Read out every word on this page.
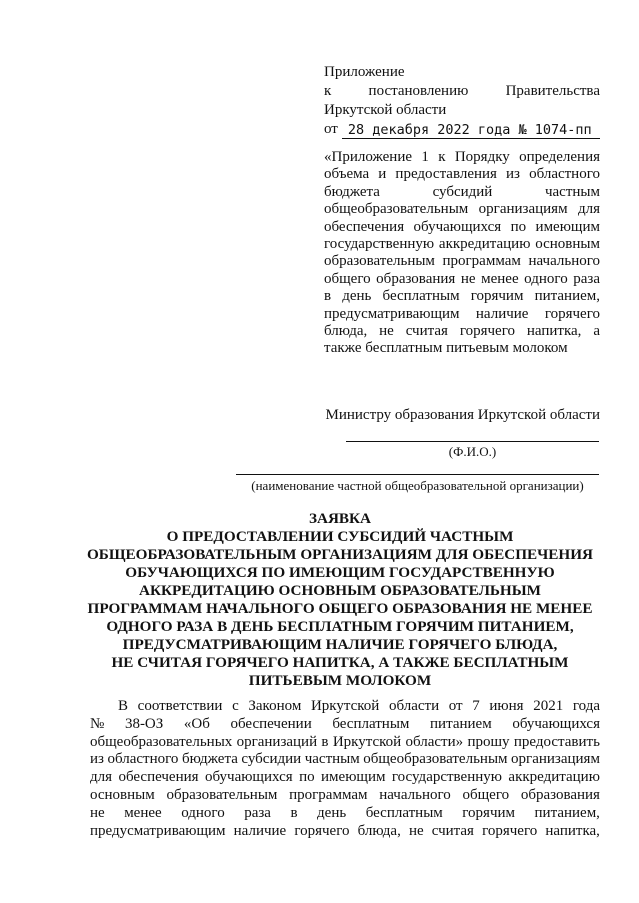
Приложение
к постановлению Правительства
Иркутской области
от 28 декабря 2022 года № 1074-пп
«Приложение 1 к Порядку определения объема и предоставления из областного бюджета субсидий частным общеобразовательным организациям для обеспечения обучающихся по имеющим государственную аккредитацию основным образовательным программам начального общего образования не менее одного раза в день бесплатным горячим питанием, предусматривающим наличие горячего блюда, не считая горячего напитка, а также бесплатным питьевым молоком
Министру образования Иркутской области
(Ф.И.О.)
(наименование частной общеобразовательной организации)
ЗАЯВКА
О ПРЕДОСТАВЛЕНИИ СУБСИДИЙ ЧАСТНЫМ
ОБЩЕОБРАЗОВАТЕЛЬНЫМ ОРГАНИЗАЦИЯМ ДЛЯ ОБЕСПЕЧЕНИЯ
ОБУЧАЮЩИХСЯ ПО ИМЕЮЩИМ ГОСУДАРСТВЕННУЮ
АККРЕДИТАЦИЮ ОСНОВНЫМ ОБРАЗОВАТЕЛЬНЫМ
ПРОГРАММАМ НАЧАЛЬНОГО ОБЩЕГО ОБРАЗОВАНИЯ НЕ МЕНЕЕ
ОДНОГО РАЗА В ДЕНЬ БЕСПЛАТНЫМ ГОРЯЧИМ ПИТАНИЕМ,
ПРЕДУСМАТРИВАЮЩИМ НАЛИЧИЕ ГОРЯЧЕГО БЛЮДА,
НЕ СЧИТАЯ ГОРЯЧЕГО НАПИТКА, А ТАКЖЕ БЕСПЛАТНЫМ
ПИТЬЕВЫМ МОЛОКОМ
В соответствии с Законом Иркутской области от 7 июня 2021 года
№ 38-ОЗ «Об обеспечении бесплатным питанием обучающихся
общеобразовательных организаций в Иркутской области» прошу предоставить
из областного бюджета субсидии частным общеобразовательным организациям
для обеспечения обучающихся по имеющим государственную аккредитацию
основным образовательным программам начального общего образования
не менее одного раза в день бесплатным горячим питанием,
предусматривающим наличие горячего блюда, не считая горячего напитка,
